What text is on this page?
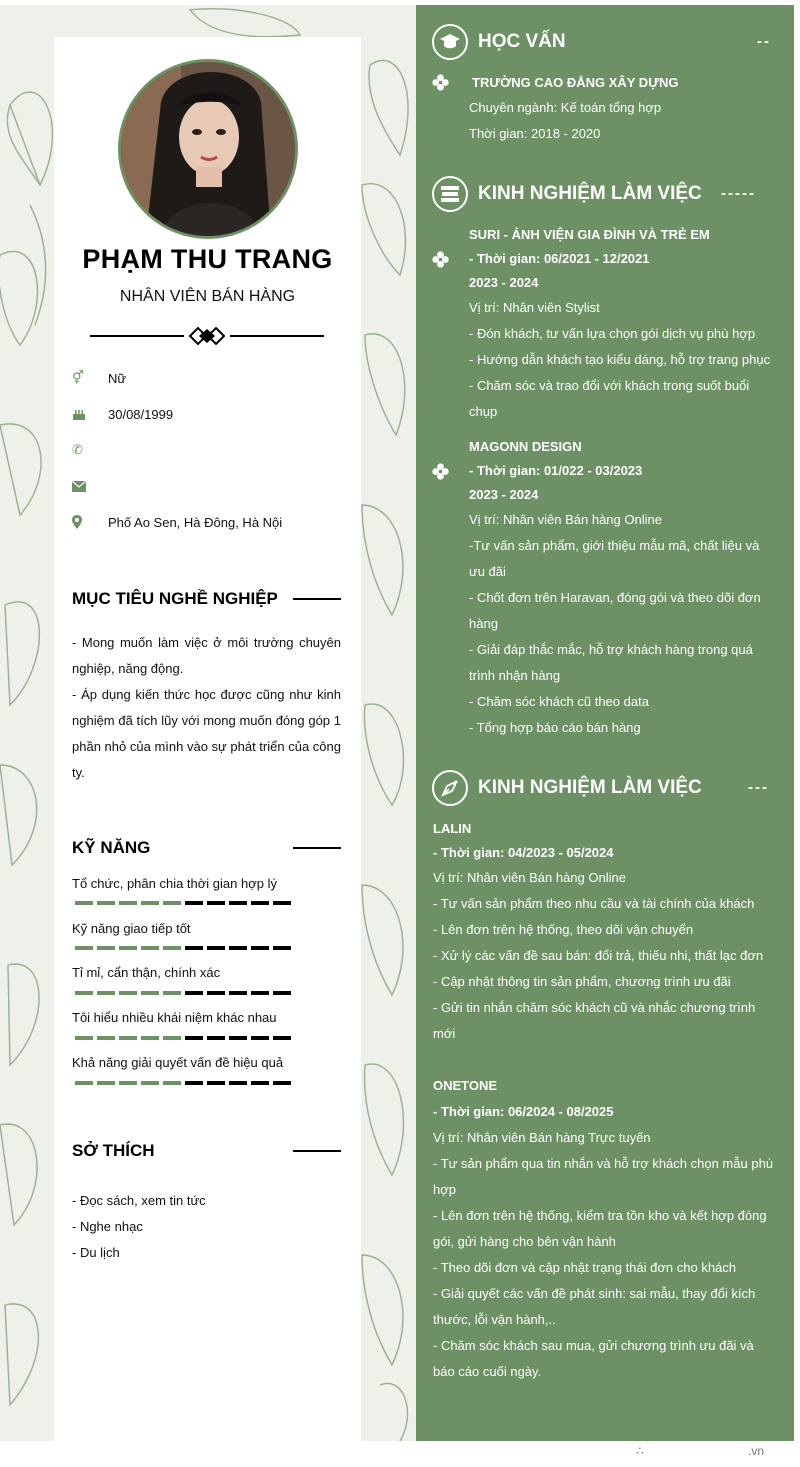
PHẠM THU TRANG
NHÂN VIÊN BÁN HÀNG
⚥	Nữ
30/08/1999
✆
Phố Ao Sen, Hà Đông, Hà Nội
MỤC TIÊU NGHỀ NGHIỆP
- Mong muốn làm việc ở môi trường chuyên nghiệp, năng động.
- Áp dụng kiến thức học được cũng như kinh nghiệm đã tích lũy với mong muốn đóng góp 1 phần nhỏ của mình vào sự phát triển của công ty.
KỸ NĂNG
Tổ chức, phân chia thời gian hợp lý
Kỹ năng giao tiếp tốt
Tỉ mỉ, cẩn thận, chính xác
Tôi hiểu nhiều khái niệm khác nhau
Khả năng giải quyết vấn đề hiệu quả
SỞ THÍCH
- Đọc sách, xem tin tức
- Nghe nhạc
- Du lịch
HỌC VẤN	--
TRƯỜNG CAO ĐẲNG XÂY DỰNG
Chuyên ngành: Kế toán tổng hợp
Thời gian: 2018 - 2020
KINH NGHIỆM LÀM VIỆC -----
SURI - ẢNH VIỆN GIA ĐÌNH VÀ TRẺ EM
- Thời gian: 06/2021 - 12/2021
2023 - 2024
Vị trí: Nhân viên Stylist
- Đón khách, tư vấn lựa chọn gói dịch vụ phù hợp
- Hướng dẫn khách tạo kiểu dáng, hỗ trợ trang phục
- Chăm sóc và trao đổi với khách trong suốt buổi
chụp
MAGONN DESIGN
- Thời gian: 01/022 - 03/2023
2023 - 2024
Vị trí: Nhân viên Bán hàng Online
-Tư vấn sản phẩm, giới thiệu mẫu mã, chất liệu và
ưu đãi
- Chốt đơn trên Haravan, đóng gói và theo dõi đơn
hàng
- Giải đáp thắc mắc, hỗ trợ khách hàng trong quá
trình nhận hàng
- Chăm sóc khách cũ theo data
- Tổng hợp báo cáo bán hàng
KINH NGHIỆM LÀM VIỆC	---
LALIN
- Thời gian: 04/2023 - 05/2024
Vị trí: Nhân viên Bán hàng Online
- Tư vấn sản phẩm theo nhu cầu và tài chính của khách
- Lên đơn trên hệ thống, theo dõi vận chuyển
- Xử lý các vấn đề sau bán: đổi trả, thiếu nhi, thất lạc đơn
- Cập nhật thông tin sản phẩm, chương trình ưu đãi
- Gửi tin nhắn chăm sóc khách cũ và nhắc chương trình
mới
ONETONE
- Thời gian: 06/2024 - 08/2025
Vị trí: Nhân viên Bán hàng Trực tuyến
- Tư sản phẩm qua tin nhắn và hỗ trợ khách chọn mẫu phù
hợp
- Lên đơn trên hệ thống, kiểm tra tồn kho và kết hợp đóng
gói, gửi hàng cho bên vận hành
- Theo dõi đơn và cập nhật trạng thái đơn cho khách
- Giải quyết các vấn đề phát sinh: sai mẫu, thay đổi kích
thước, lỗi vận hành,..
- Chăm sóc khách sau mua, gửi chương trình ưu đãi và
báo cáo cuối ngày.
∴	.vn
